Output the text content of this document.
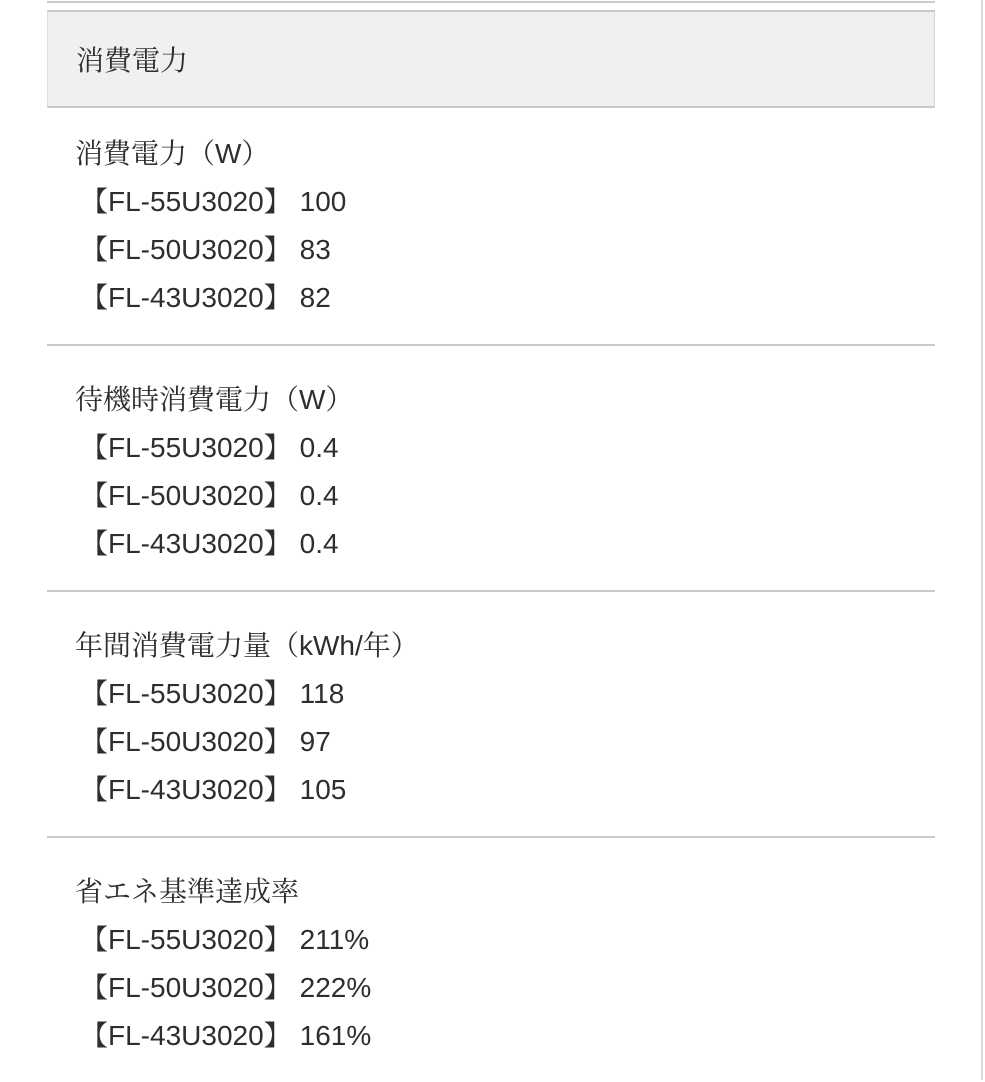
消費電力
消費電力（W）
【FL-55U3020】 100
【FL-50U3020】 83
【FL-43U3020】 82
待機時消費電力（W）
【FL-55U3020】 0.4
【FL-50U3020】 0.4
【FL-43U3020】 0.4
年間消費電力量（kWh/年）
【FL-55U3020】 118
【FL-50U3020】 97
【FL-43U3020】 105
省エネ基準達成率
【FL-55U3020】 211%
【FL-50U3020】 222%
【FL-43U3020】 161%
